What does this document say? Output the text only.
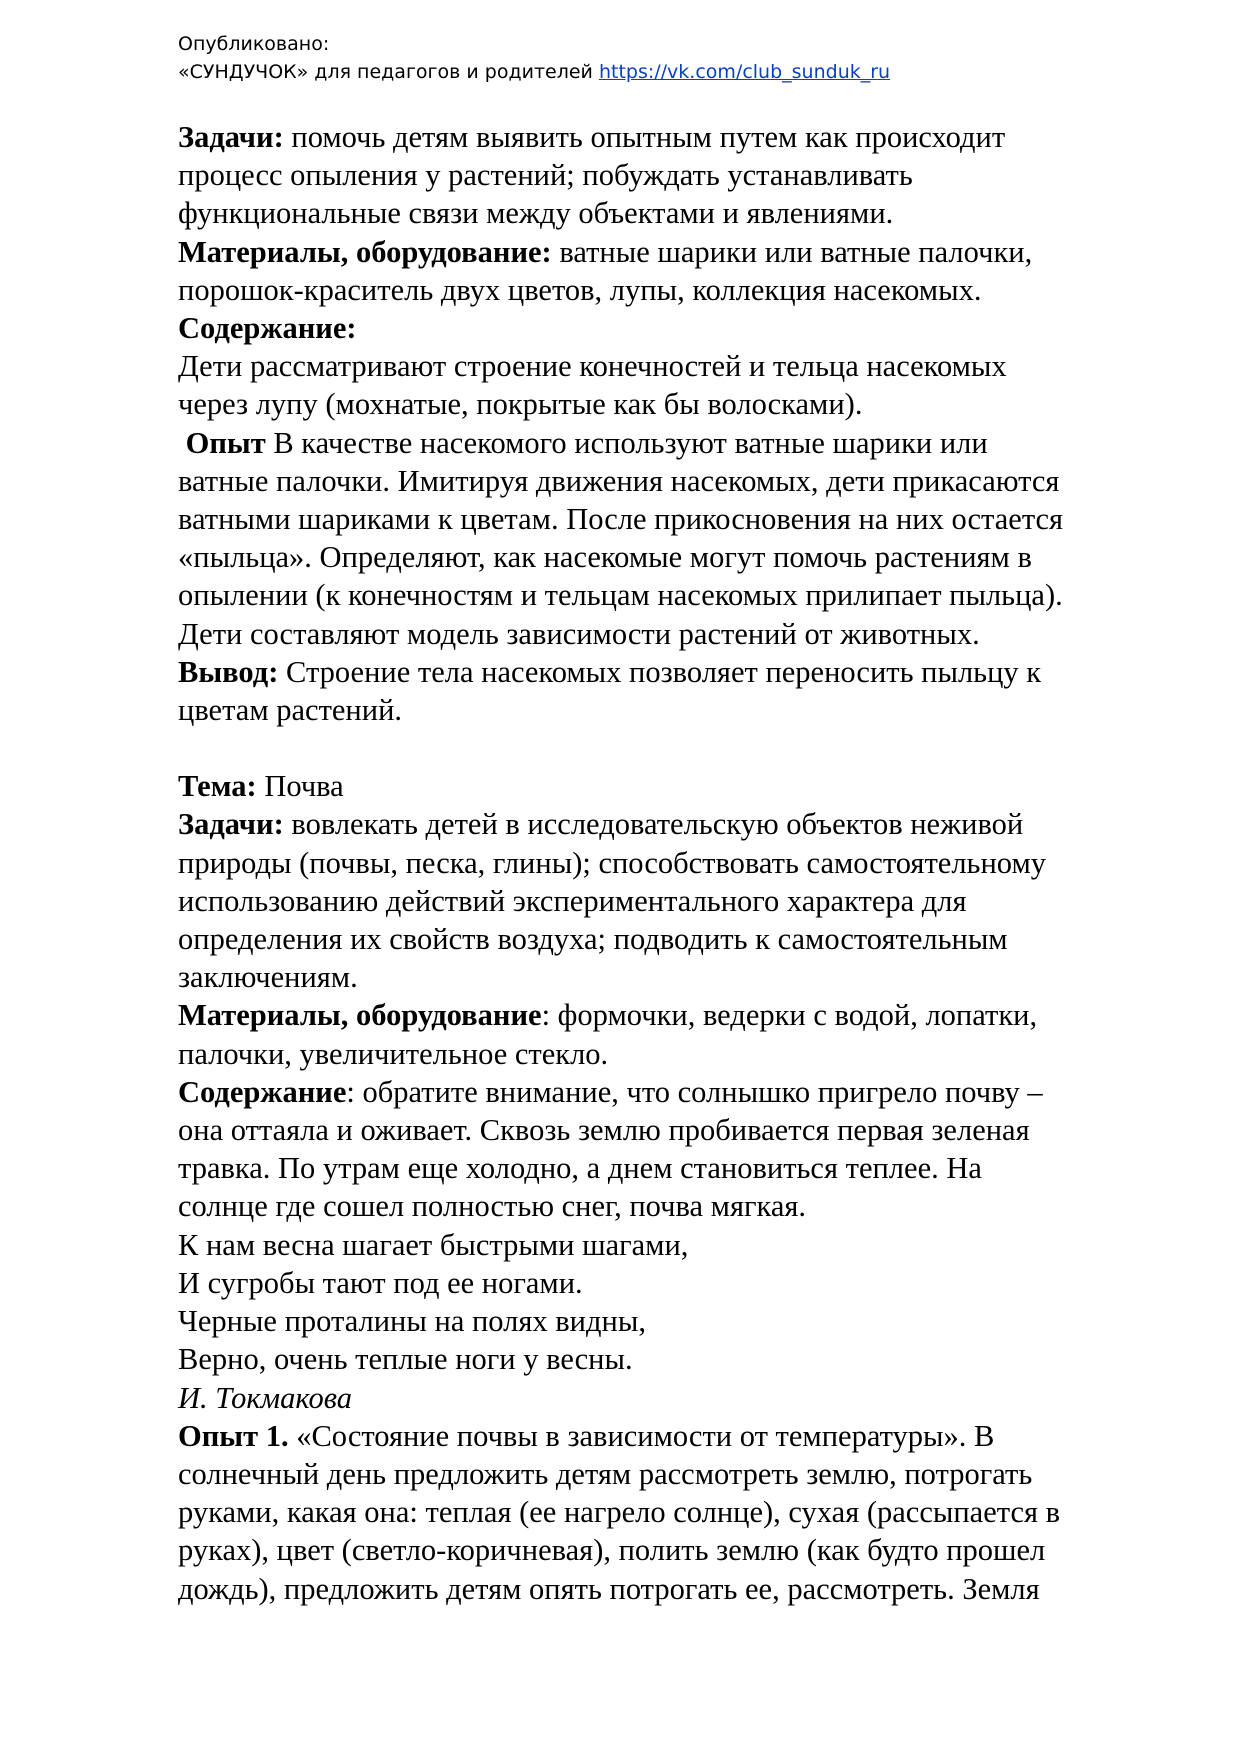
Опубликовано:
«СУНДУЧОК» для педагогов и родителей https://vk.com/club_sunduk_ru

Задачи: помочь детям выявить опытным путем как происходит

процесс опыления у растений; побуждать устанавливать

функциональные связи между объектами и явлениями.

Материалы, оборудование: ватные шарики или ватные палочки,

порошок-краситель двух цветов, лупы, коллекция насекомых.

Содержание:

Дети рассматривают строение конечностей и тельца насекомых

через лупу (мохнатые, покрытые как бы волосками).

Опыт В качестве насекомого используют ватные шарики или

ватные палочки. Имитируя движения насекомых, дети прикасаются

ватными шариками к цветам. После прикосновения на них остается

«пыльца». Определяют, как насекомые могут помочь растениям в

опылении (к конечностям и тельцам насекомых прилипает пыльца).

Дети составляют модель зависимости растений от животных.

Вывод: Строение тела насекомых позволяет переносить пыльцу к

цветам растений.

Тема: Почва

Задачи: вовлекать детей в исследовательскую объектов неживой

природы (почвы, песка, глины); способствовать самостоятельному

использованию действий экспериментального характера для

определения их свойств воздуха; подводить к самостоятельным

заключениям.

Материалы, оборудование: формочки, ведерки с водой, лопатки,

палочки, увеличительное стекло.

Содержание: обратите внимание, что солнышко пригрело почву –

она оттаяла и оживает. Сквозь землю пробивается первая зеленая

травка. По утрам еще холодно, а днем становиться теплее. На

солнце где сошел полностью снег, почва мягкая.

К нам весна шагает быстрыми шагами,

И сугробы тают под ее ногами.

Черные проталины на полях видны,

Верно, очень теплые ноги у весны.

И. Токмакова

Опыт 1. «Состояние почвы в зависимости от температуры». В

солнечный день предложить детям рассмотреть землю, потрогать

руками, какая она: теплая (ее нагрело солнце), сухая (рассыпается в

руках), цвет (светло-коричневая), полить землю (как будто прошел

дождь), предложить детям опять потрогать ее, рассмотреть. Земля
